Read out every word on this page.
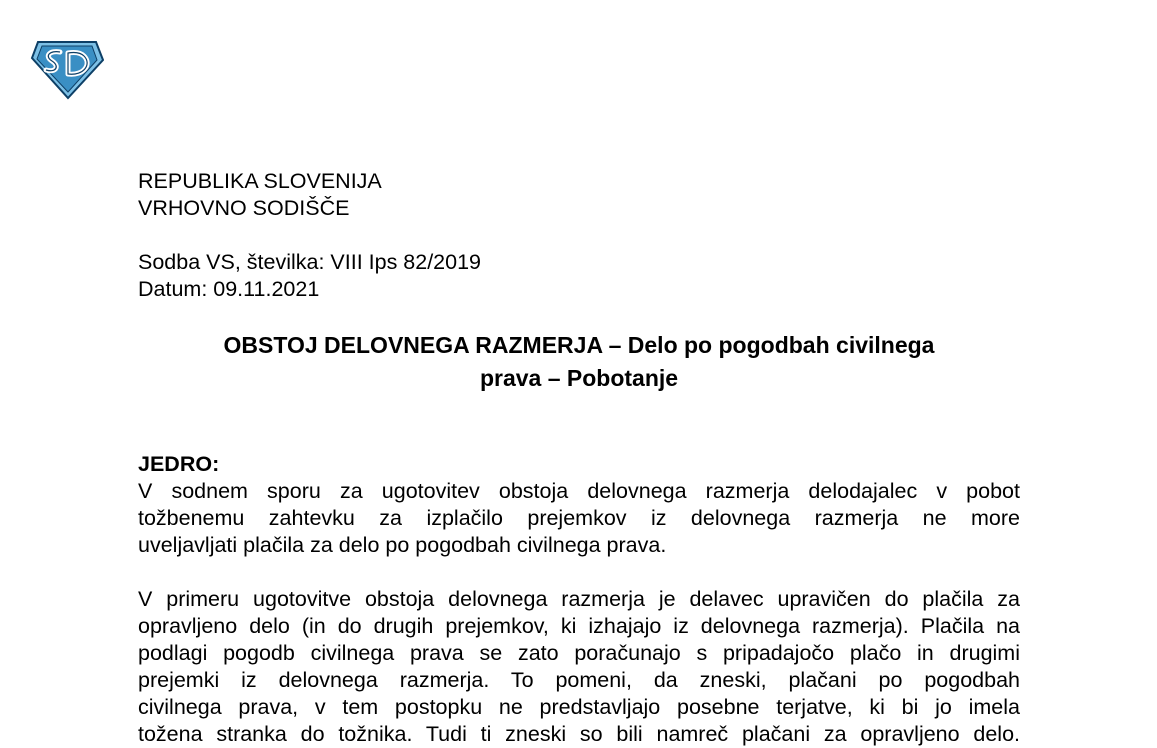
REPUBLIKA SLOVENIJA
VRHOVNO SODIŠČE
Sodba VS, številka: VIII Ips 82/2019
Datum: 09.11.2021
OBSTOJ DELOVNEGA RAZMERJA – Delo po pogodbah civilnega
prava – Pobotanje
JEDRO:
V sodnem sporu za ugotovitev obstoja delovnega razmerja delodajalec v pobot
tožbenemu zahtevku za izplačilo prejemkov iz delovnega razmerja ne more
uveljavljati plačila za delo po pogodbah civilnega prava.
V primeru ugotovitve obstoja delovnega razmerja je delavec upravičen do plačila za
opravljeno delo (in do drugih prejemkov, ki izhajajo iz delovnega razmerja). Plačila na
podlagi pogodb civilnega prava se zato poračunajo s pripadajočo plačo in drugimi
prejemki iz delovnega razmerja. To pomeni, da zneski, plačani po pogodbah
civilnega prava, v tem postopku ne predstavljajo posebne terjatve, ki bi jo imela
tožena stranka do tožnika. Tudi ti zneski so bili namreč plačani za opravljeno delo.
